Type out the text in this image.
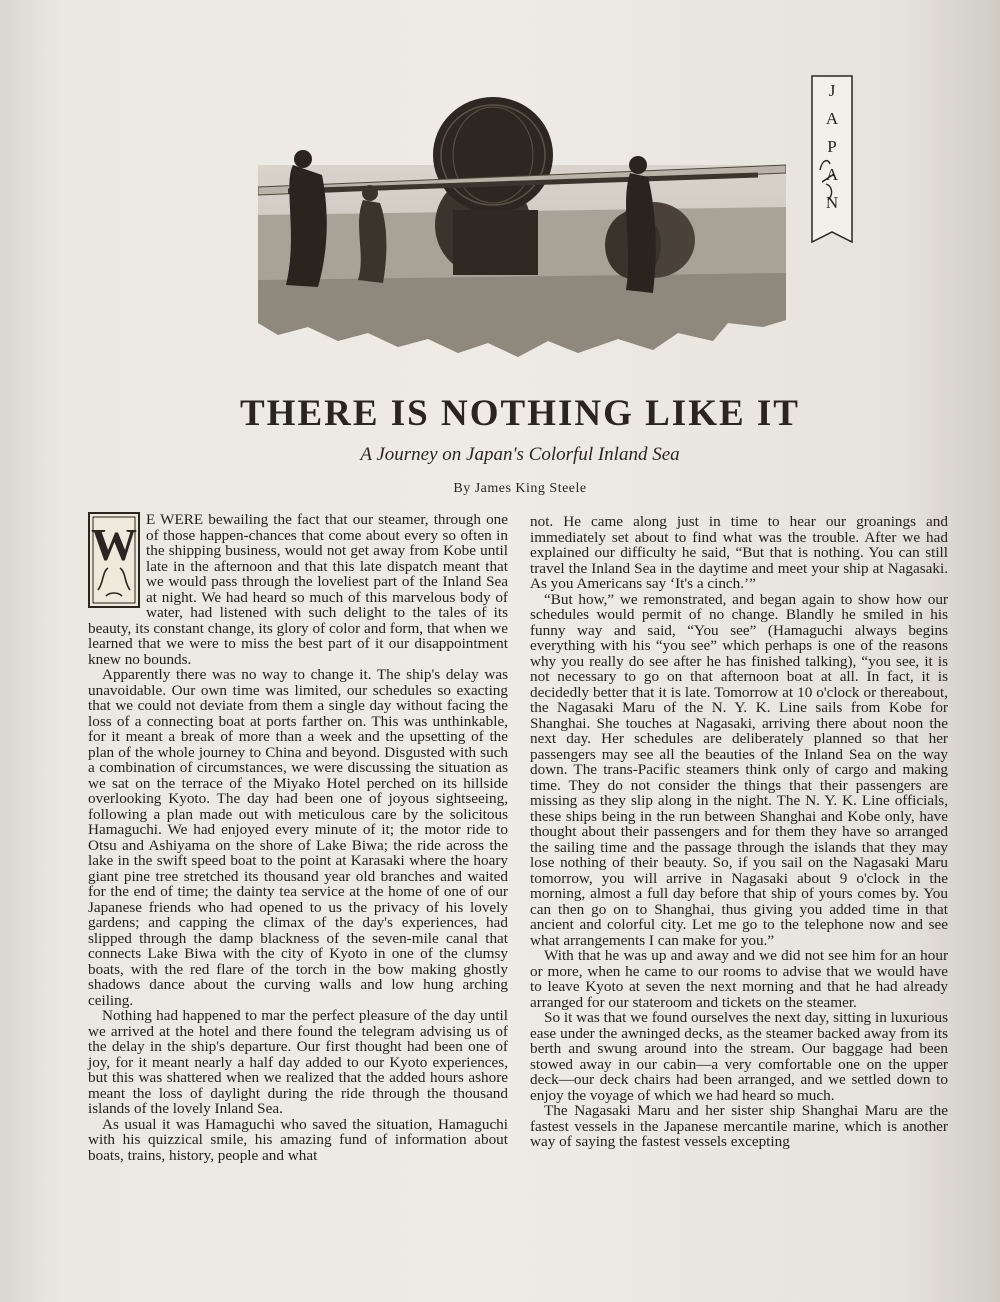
J
A
P
A
N
THERE IS NOTHING LIKE IT
A Journey on Japan's Colorful Inland Sea
By James King Steele

W E WERE bewailing the fact that our steamer, through one of those happen-chances that come about every so often in the shipping business, would not get away from Kobe until late in the afternoon and that this late dispatch meant that we would pass through the loveliest part of the Inland Sea at night. We had heard so much of this marvelous body of water, had listened with such delight to the tales of its beauty, its constant change, its glory of color and form, that when we learned that we were to miss the best part of it our disappointment knew no bounds.

Apparently there was no way to change it. The ship's delay was unavoidable. Our own time was limited, our schedules so exacting that we could not deviate from them a single day without facing the loss of a connecting boat at ports farther on. This was unthinkable, for it meant a break of more than a week and the upsetting of the plan of the whole journey to China and beyond. Disgusted with such a combination of circumstances, we were discussing the situation as we sat on the terrace of the Miyako Hotel perched on its hillside overlooking Kyoto. The day had been one of joyous sightseeing, following a plan made out with meticulous care by the solicitous Hamaguchi. We had enjoyed every minute of it; the motor ride to Otsu and Ashiyama on the shore of Lake Biwa; the ride across the lake in the swift speed boat to the point at Karasaki where the hoary giant pine tree stretched its thousand year old branches and waited for the end of time; the dainty tea service at the home of one of our Japanese friends who had opened to us the privacy of his lovely gardens; and capping the climax of the day's experiences, had slipped through the damp blackness of the seven-mile canal that connects Lake Biwa with the city of Kyoto in one of the clumsy boats, with the red flare of the torch in the bow making ghostly shadows dance about the curving walls and low hung arching ceiling.

Nothing had happened to mar the perfect pleasure of the day until we arrived at the hotel and there found the telegram advising us of the delay in the ship's departure. Our first thought had been one of joy, for it meant nearly a half day added to our Kyoto experiences, but this was shattered when we realized that the added hours ashore meant the loss of daylight during the ride through the thousand islands of the lovely Inland Sea.

As usual it was Hamaguchi who saved the situation, Hamaguchi with his quizzical smile, his amazing fund of information about boats, trains, history, people and what

not. He came along just in time to hear our groanings and immediately set about to find what was the trouble. After we had explained our difficulty he said, “But that is nothing. You can still travel the Inland Sea in the daytime and meet your ship at Nagasaki. As you Americans say ‘It's a cinch.’”

“But how,” we remonstrated, and began again to show how our schedules would permit of no change. Blandly he smiled in his funny way and said, “You see” (Hamaguchi always begins everything with his “you see” which perhaps is one of the reasons why you really do see after he has finished talking), “you see, it is not necessary to go on that afternoon boat at all. In fact, it is decidedly better that it is late. Tomorrow at 10 o'clock or thereabout, the Nagasaki Maru of the N. Y. K. Line sails from Kobe for Shanghai. She touches at Nagasaki, arriving there about noon the next day. Her schedules are deliberately planned so that her passengers may see all the beauties of the Inland Sea on the way down. The trans-Pacific steamers think only of cargo and making time. They do not consider the things that their passengers are missing as they slip along in the night. The N. Y. K. Line officials, these ships being in the run between Shanghai and Kobe only, have thought about their passengers and for them they have so arranged the sailing time and the passage through the islands that they may lose nothing of their beauty. So, if you sail on the Nagasaki Maru tomorrow, you will arrive in Nagasaki about 9 o'clock in the morning, almost a full day before that ship of yours comes by. You can then go on to Shanghai, thus giving you added time in that ancient and colorful city. Let me go to the telephone now and see what arrangements I can make for you.”

With that he was up and away and we did not see him for an hour or more, when he came to our rooms to advise that we would have to leave Kyoto at seven the next morning and that he had already arranged for our stateroom and tickets on the steamer.

So it was that we found ourselves the next day, sitting in luxurious ease under the awninged decks, as the steamer backed away from its berth and swung around into the stream. Our baggage had been stowed away in our cabin—a very comfortable one on the upper deck—our deck chairs had been arranged, and we settled down to enjoy the voyage of which we had heard so much.

The Nagasaki Maru and her sister ship Shanghai Maru are the fastest vessels in the Japanese mercantile marine, which is another way of saying the fastest vessels excepting
